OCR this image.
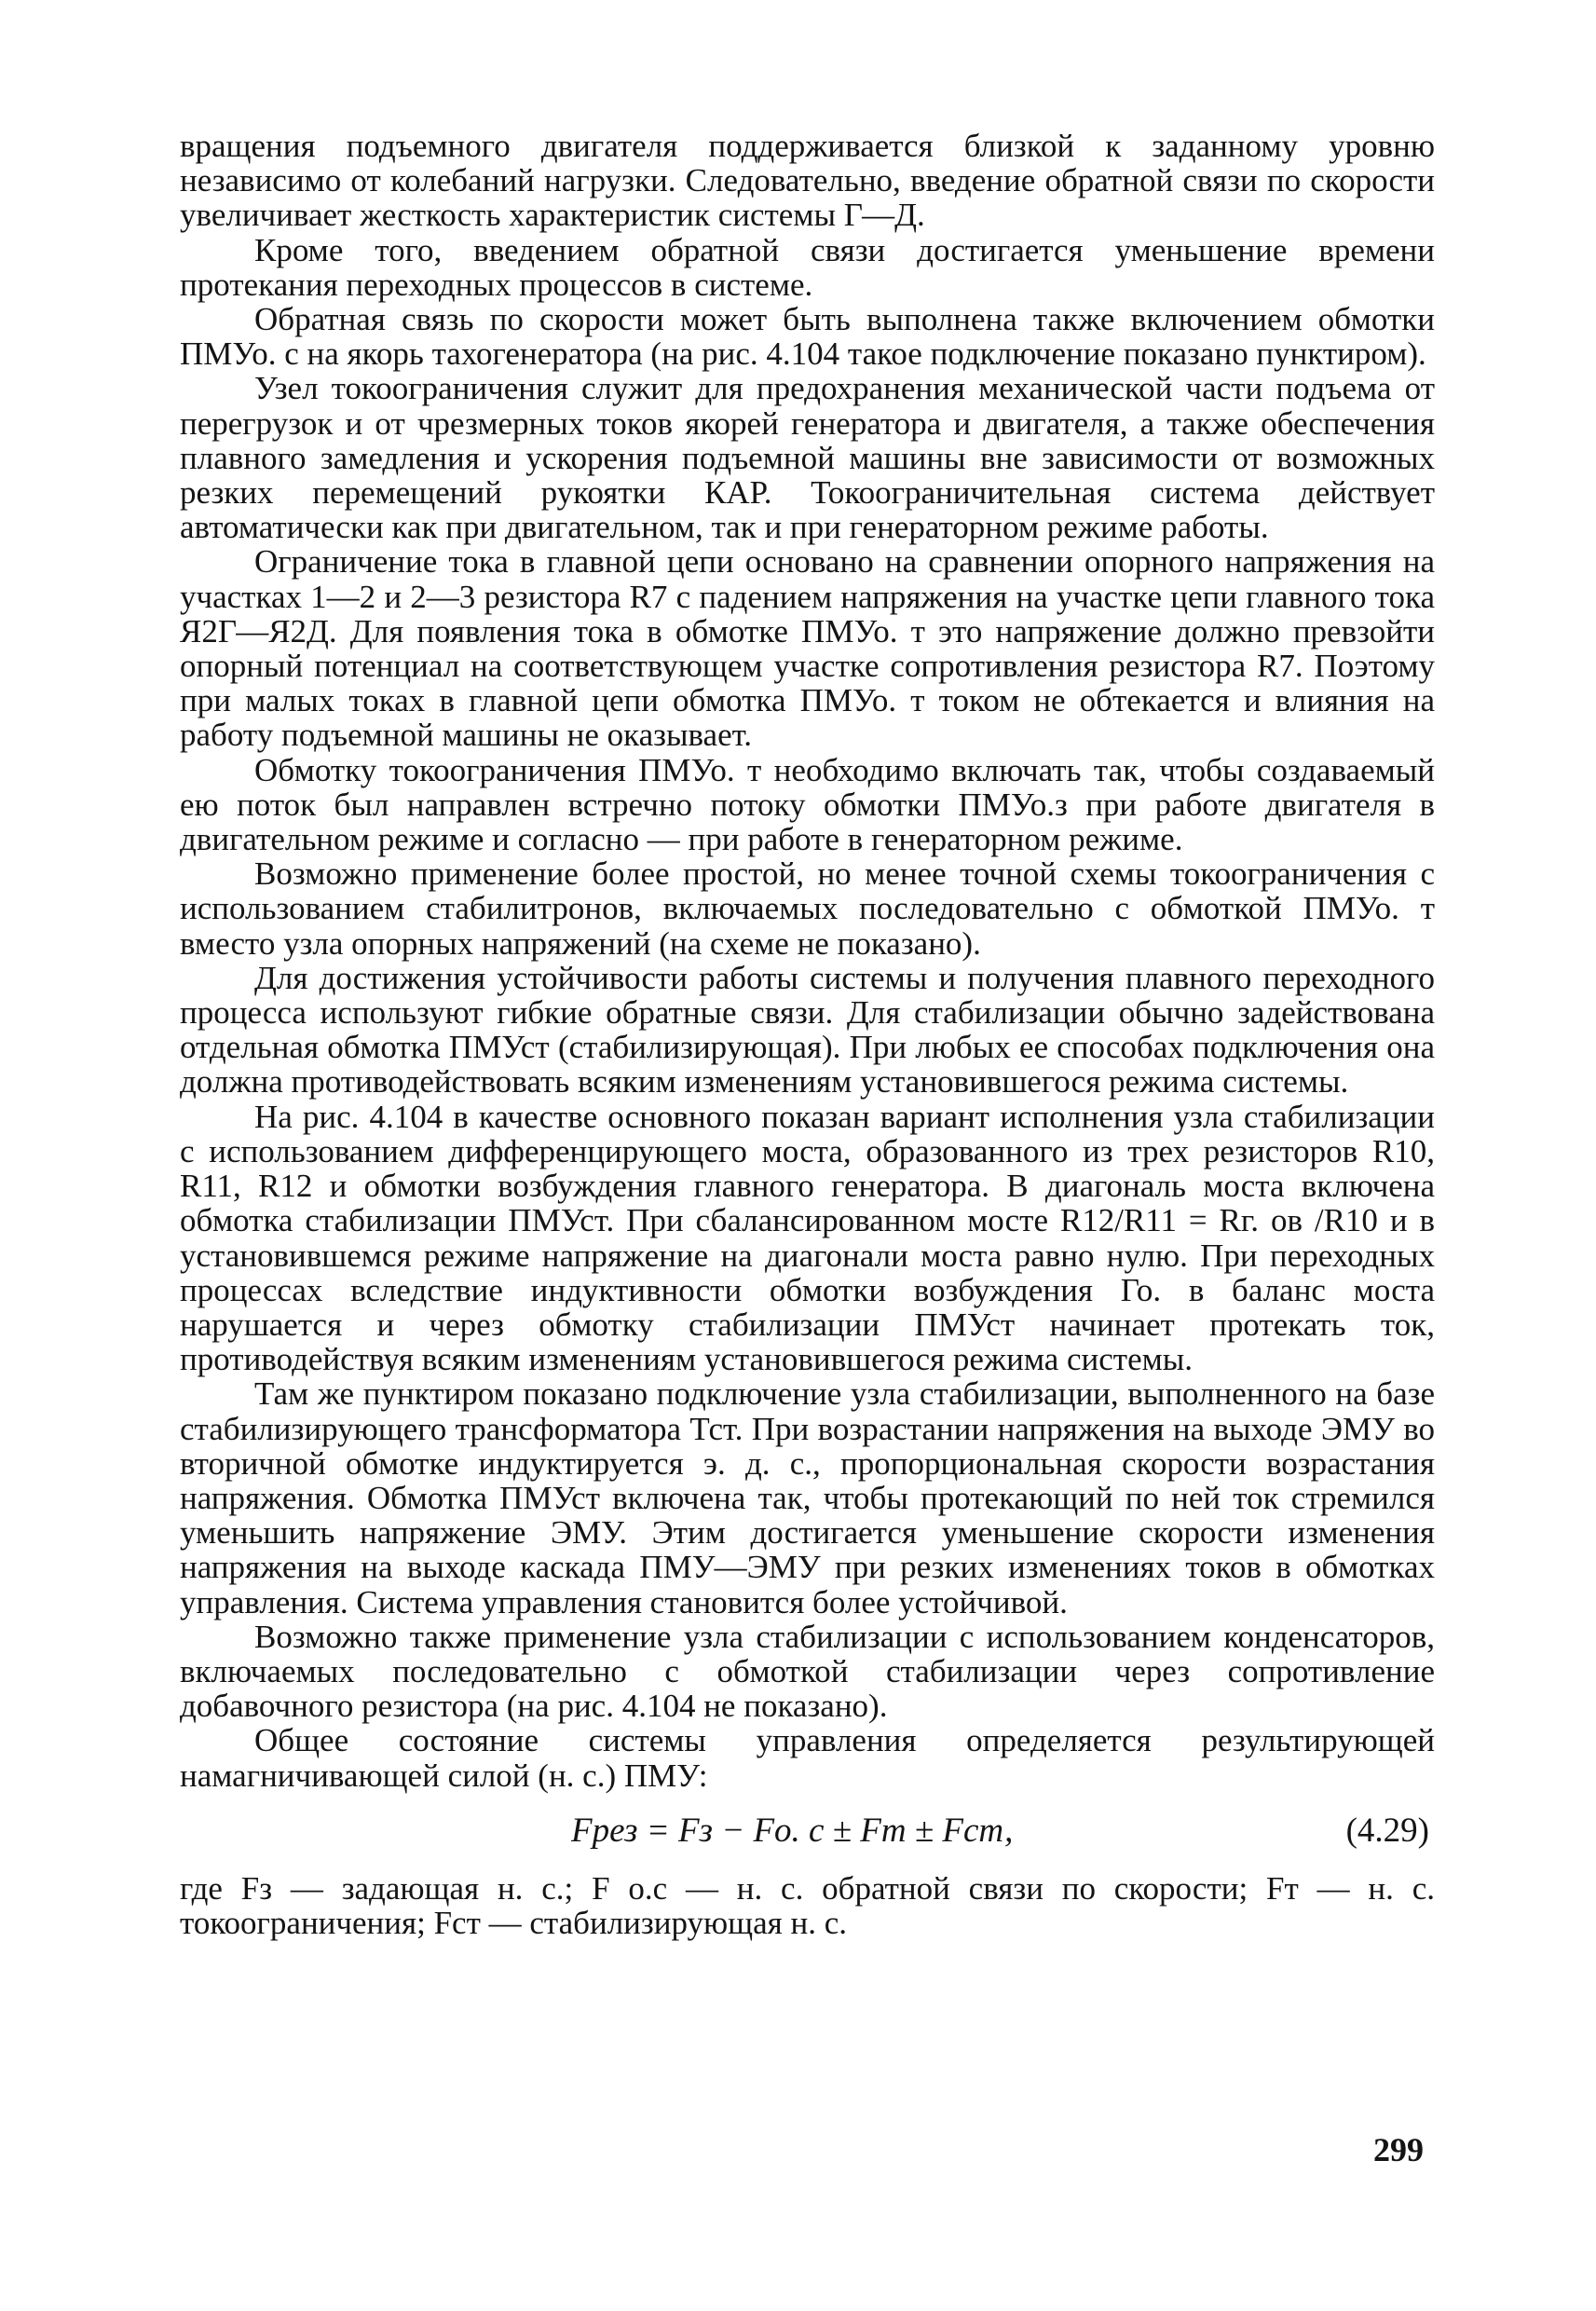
вращения подъемного двигателя поддерживается близкой к заданному уровню независимо от колебаний нагрузки. Следовательно, введение обратной связи по скорости увеличивает жесткость характеристик системы Г—Д.

Кроме того, введением обратной связи достигается уменьшение времени протекания переходных процессов в системе.

Обратная связь по скорости может быть выполнена также включением обмотки ПМУо. с на якорь тахогенератора (на рис. 4.104 такое подключение показано пунктиром).

Узел токоограничения служит для предохранения механической части подъема от перегрузок и от чрезмерных токов якорей генератора и двигателя, а также обеспечения плавного замедления и ускорения подъемной машины вне зависимости от возможных резких перемещений рукоятки КАР. Токоограничительная система действует автоматически как при двигательном, так и при генераторном режиме работы.

Ограничение тока в главной цепи основано на сравнении опорного напряжения на участках 1—2 и 2—3 резистора R7 с падением напряжения на участке цепи главного тока Я2Г—Я2Д. Для появления тока в обмотке ПМУо. т это напряжение должно превзойти опорный потенциал на соответствующем участке сопротивления резистора R7. Поэтому при малых токах в главной цепи обмотка ПМУо. т током не обтекается и влияния на работу подъемной машины не оказывает.

Обмотку токоограничения ПМУо. т необходимо включать так, чтобы создаваемый ею поток был направлен встречно потоку обмотки ПМУо.з при работе двигателя в двигательном режиме и согласно — при работе в генераторном режиме.

Возможно применение более простой, но менее точной схемы токоограничения с использованием стабилитронов, включаемых последовательно с обмоткой ПМУо. т вместо узла опорных напряжений (на схеме не показано).

Для достижения устойчивости работы системы и получения плавного переходного процесса используют гибкие обратные связи. Для стабилизации обычно задействована отдельная обмотка ПМУст (стабилизирующая). При любых ее способах подключения она должна противодействовать всяким изменениям установившегося режима системы.

На рис. 4.104 в качестве основного показан вариант исполнения узла стабилизации с использованием дифференцирующего моста, образованного из трех резисторов R10, R11, R12 и обмотки возбуждения главного генератора. В диагональ моста включена обмотка стабилизации ПМУст. При сбалансированном мосте R12/R11 = Rг. ов /R10 и в установившемся режиме напряжение на диагонали моста равно нулю. При переходных процессах вследствие индуктивности обмотки возбуждения Го. в баланс моста нарушается и через обмотку стабилизации ПМУст начинает протекать ток, противодействуя всяким изменениям установившегося режима системы.

Там же пунктиром показано подключение узла стабилизации, выполненного на базе стабилизирующего трансформатора Тст. При возрастании напряжения на выходе ЭМУ во вторичной обмотке индуктируется э. д. с., пропорциональная скорости возрастания напряжения. Обмотка ПМУст включена так, чтобы протекающий по ней ток стремился уменьшить напряжение ЭМУ. Этим достигается уменьшение скорости изменения напряжения на выходе каскада ПМУ—ЭМУ при резких изменениях токов в обмотках управления. Система управления становится более устойчивой.

Возможно также применение узла стабилизации с использованием конденсаторов, включаемых последовательно с обмоткой стабилизации через сопротивление добавочного резистора (на рис. 4.104 не показано).

Общее состояние системы управления определяется результирующей намагничивающей силой (н. с.) ПМУ:

Fрез = Fз − Fо. с ± Fт ± Fст,	(4.29)

где Fз — задающая н. с.; F о.с — н. с. обратной связи по скорости; Fт — н. с. токоограничения; Fст — стабилизирующая н. с.

299
